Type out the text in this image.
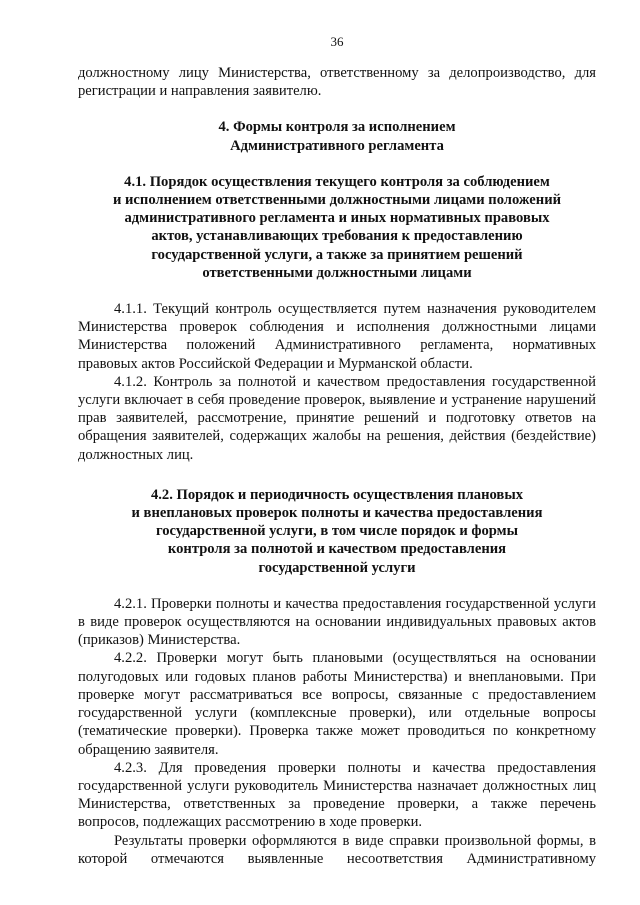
36

должностному лицу Министерства, ответственному за делопроизводство, для регистрации и направления заявителю.

4. Формы контроля за исполнением
Административного регламента
4.1. Порядок осуществления текущего контроля за соблюдением
и исполнением ответственными должностными лицами положений
административного регламента и иных нормативных правовых
актов, устанавливающих требования к предоставлению
государственной услуги, а также за принятием решений
ответственными должностными лицами

4.1.1. Текущий контроль осуществляется путем назначения руководителем Министерства проверок соблюдения и исполнения должностными лицами Министерства положений Административного регламента, нормативных правовых актов Российской Федерации и Мурманской области.

4.1.2. Контроль за полнотой и качеством предоставления государственной услуги включает в себя проведение проверок, выявление и устранение нарушений прав заявителей, рассмотрение, принятие решений и подготовку ответов на обращения заявителей, содержащих жалобы на решения, действия (бездействие) должностных лиц.

4.2. Порядок и периодичность осуществления плановых
и внеплановых проверок полноты и качества предоставления
государственной услуги, в том числе порядок и формы
контроля за полнотой и качеством предоставления
государственной услуги

4.2.1. Проверки полноты и качества предоставления государственной услуги в виде проверок осуществляются на основании индивидуальных правовых актов (приказов) Министерства.

4.2.2. Проверки могут быть плановыми (осуществляться на основании полугодовых или годовых планов работы Министерства) и внеплановыми. При проверке могут рассматриваться все вопросы, связанные с предоставлением государственной услуги (комплексные проверки), или отдельные вопросы (тематические проверки). Проверка также может проводиться по конкретному обращению заявителя.

4.2.3. Для проведения проверки полноты и качества предоставления государственной услуги руководитель Министерства назначает должностных лиц Министерства, ответственных за проведение проверки, а также перечень вопросов, подлежащих рассмотрению в ходе проверки.

Результаты проверки оформляются в виде справки произвольной формы, в которой отмечаются выявленные несоответствия Административному
